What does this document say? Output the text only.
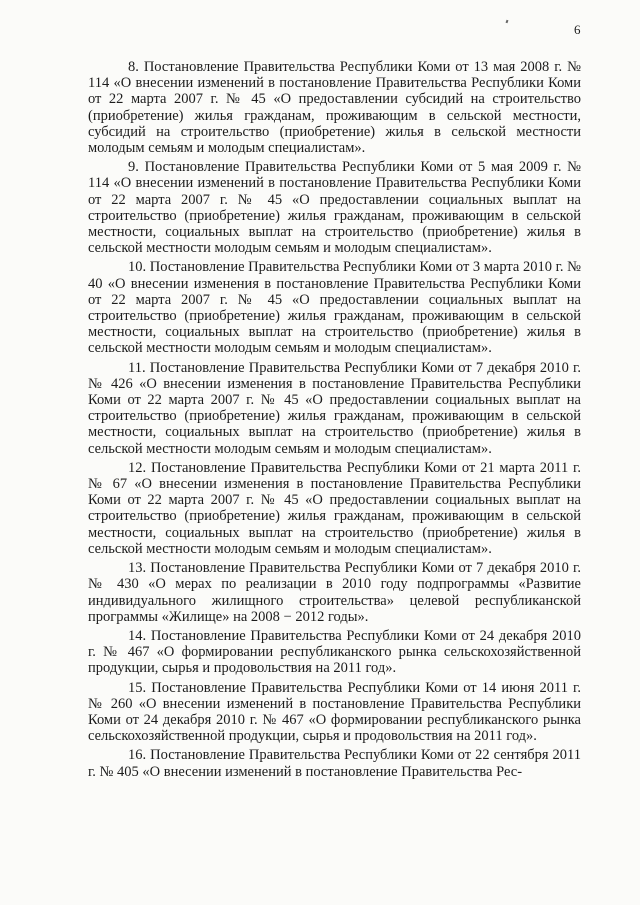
6

8. Постановление Правительства Республики Коми от 13 мая 2008 г. № 114 «О внесении изменений в постановление Правительства Республики Коми от 22 марта 2007 г. № 45 «О предоставлении субсидий на строительство (приобретение) жилья гражданам, проживающим в сельской местности, субсидий на строительство (приобретение) жилья в сельской местности молодым семьям и молодым специалистам».

9. Постановление Правительства Республики Коми от 5 мая 2009 г. № 114 «О внесении изменений в постановление Правительства Республики Коми от 22 марта 2007 г. № 45 «О предоставлении социальных выплат на строительство (приобретение) жилья гражданам, проживающим в сельской местности, социальных выплат на строительство (приобретение) жилья в сельской местности молодым семьям и молодым специалистам».

10. Постановление Правительства Республики Коми от 3 марта 2010 г. № 40 «О внесении изменения в постановление Правительства Республики Коми от 22 марта 2007 г. № 45 «О предоставлении социальных выплат на строительство (приобретение) жилья гражданам, проживающим в сельской местности, социальных выплат на строительство (приобретение) жилья в сельской местности молодым семьям и молодым специалистам».

11. Постановление Правительства Республики Коми от 7 декабря 2010 г. № 426 «О внесении изменения в постановление Правительства Республики Коми от 22 марта 2007 г. № 45 «О предоставлении социальных выплат на строительство (приобретение) жилья гражданам, проживающим в сельской местности, социальных выплат на строительство (приобретение) жилья в сельской местности молодым семьям и молодым специалистам».

12. Постановление Правительства Республики Коми от 21 марта 2011 г. № 67 «О внесении изменения в постановление Правительства Республики Коми от 22 марта 2007 г. № 45 «О предоставлении социальных выплат на строительство (приобретение) жилья гражданам, проживающим в сельской местности, социальных выплат на строительство (приобретение) жилья в сельской местности молодым семьям и молодым специалистам».

13. Постановление Правительства Республики Коми от 7 декабря 2010 г. № 430 «О мерах по реализации в 2010 году подпрограммы «Развитие индивидуального жилищного строительства» целевой республиканской программы «Жилище» на 2008 − 2012 годы».

14. Постановление Правительства Республики Коми от 24 декабря 2010 г. № 467 «О формировании республиканского рынка сельскохозяйственной продукции, сырья и продовольствия на 2011 год».

15. Постановление Правительства Республики Коми от 14 июня 2011 г. № 260 «О внесении изменений в постановление Правительства Республики Коми от 24 декабря 2010 г. № 467 «О формировании республиканского рынка сельскохозяйственной продукции, сырья и продовольствия на 2011 год».

16. Постановление Правительства Республики Коми от 22 сентября 2011 г. № 405 «О внесении изменений в постановление Правительства Рес-
